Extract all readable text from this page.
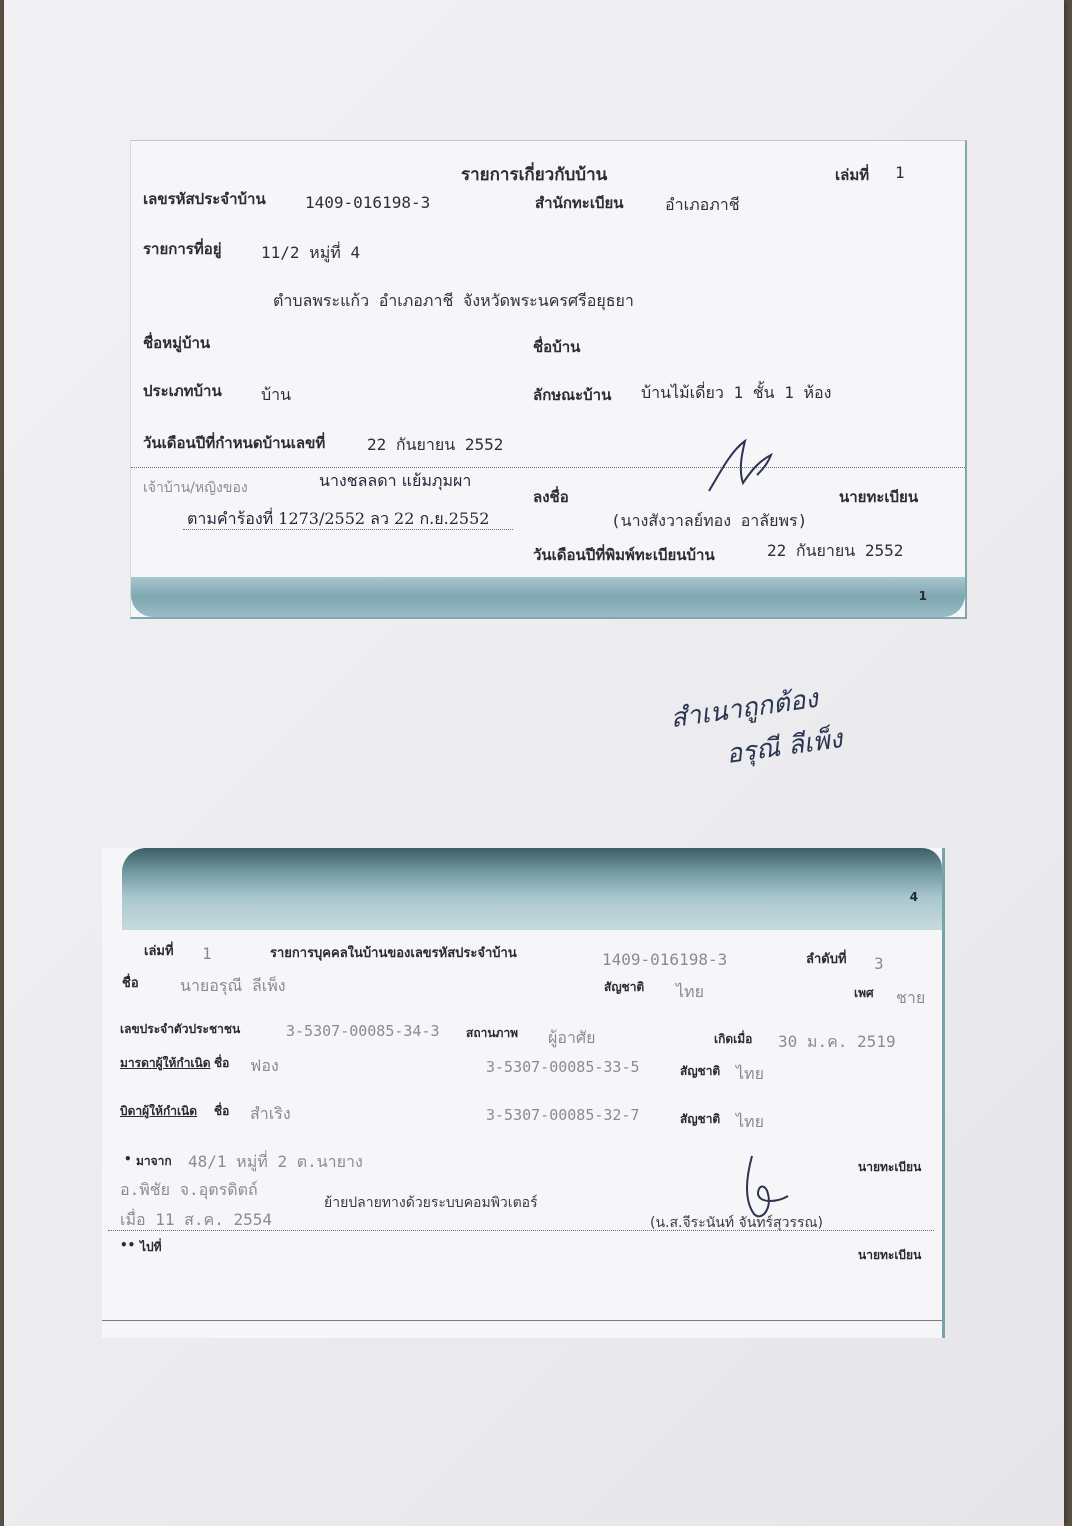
รายการเกี่ยวกับบ้าน	เล่มที่ 1
เลขรหัสประจำบ้าน 1409-016198-3	สำนักทะเบียน	อำเภอภาชี
รายการที่อยู่ 11/2 หมู่ที่ 4
ตำบลพระแก้ว อำเภอภาชี จังหวัดพระนครศรีอยุธยา
ชื่อหมู่บ้าน	ชื่อบ้าน
ประเภทบ้าน บ้าน	ลักษณะบ้าน บ้านไม้เดี่ยว 1 ชั้น 1 ห้อง
วันเดือนปีที่กำหนดบ้านเลขที่	22 กันยายน 2552
เจ้าบ้าน/หญิงของ	นางชลลดา แย้มภุมผา
ตามคำร้องที่ 1273/2552 ลว 22 ก.ย.2552
ลงชื่อ	นายทะเบียน
(นางสังวาลย์ทอง อาลัยพร)
วันเดือนปีที่พิมพ์ทะเบียนบ้าน	22 กันยายน 2552
1
สำเนาถูกต้อง
อรุณี ลีเพ็ง
4
เล่มที่ 1	รายการบุคคลในบ้านของเลขรหัสประจำบ้าน	1409-016198-3	ลำดับที่ 3
ชื่อ	นายอรุณี ลีเพ็ง	สัญชาติ ไทย	เพศ ชาย
เลขประจำตัวประชาชน	3-5307-00085-34-3 สถานภาพ ผู้อาศัย	เกิดเมื่อ 30 ม.ค. 2519
มารดาผู้ให้กำเนิด ชื่อ ฟอง	3-5307-00085-33-5	สัญชาติ ไทย
บิดาผู้ให้กำเนิด ชื่อ สำเริง	3-5307-00085-32-7	สัญชาติ ไทย
• มาจาก 48/1 หมู่ที่ 2 ต.นายาง
อ.พิชัย จ.อุตรดิตถ์
เมื่อ 11 ส.ค. 2554
ย้ายปลายทางด้วยระบบคอมพิวเตอร์
นายทะเบียน
(น.ส.จีระนันท์ จันทร์สุวรรณ)
•• ไปที่
นายทะเบียน
